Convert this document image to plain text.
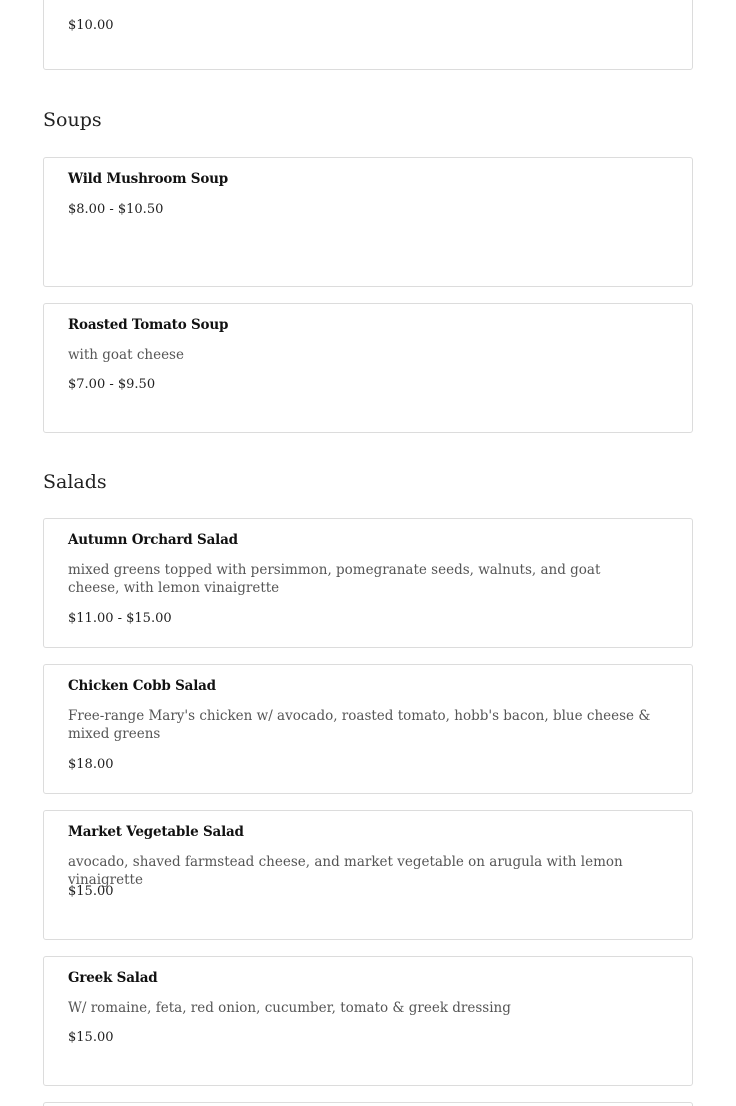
$10.00
Soups
Wild Mushroom Soup
$8.00 - $10.50
Roasted Tomato Soup
with goat cheese
$7.00 - $9.50
Salads
Autumn Orchard Salad
mixed greens topped with persimmon, pomegranate seeds, walnuts, and goat cheese, with lemon vinaigrette
$11.00 - $15.00
Chicken Cobb Salad
Free-range Mary's chicken w/ avocado, roasted tomato, hobb's bacon, blue cheese & mixed greens
$18.00
Market Vegetable Salad
avocado, shaved farmstead cheese, and market vegetable on arugula with lemon vinaigrette
$15.00
Greek Salad
W/ romaine, feta, red onion, cucumber, tomato & greek dressing
$15.00
